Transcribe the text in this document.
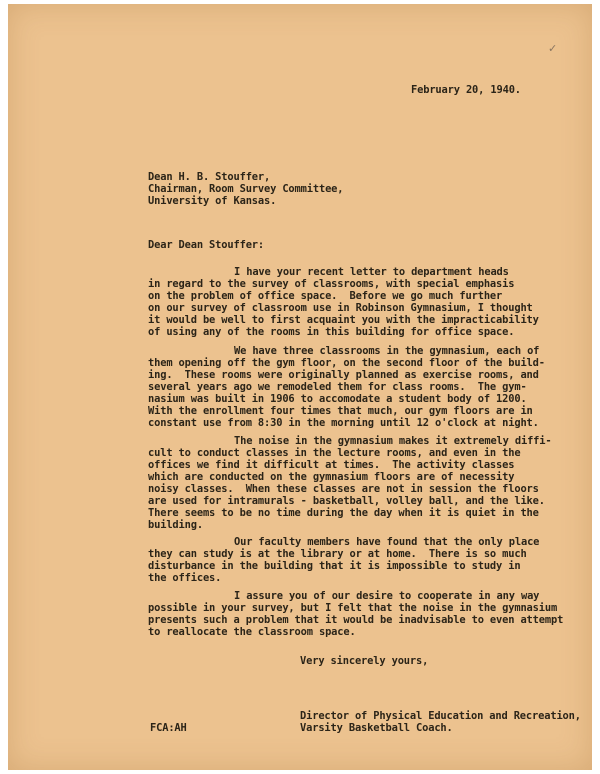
✓
February 20, 1940.
Dean H. B. Stouffer,
Chairman, Room Survey Committee,
University of Kansas.
Dear Dean Stouffer:
I have your recent letter to department heads
in regard to the survey of classrooms, with special emphasis
on the problem of office space.  Before we go much further
on our survey of classroom use in Robinson Gymnasium, I thought
it would be well to first acquaint you with the impracticability
of using any of the rooms in this building for office space.
We have three classrooms in the gymnasium, each of
them opening off the gym floor, on the second floor of the build-
ing.  These rooms were originally planned as exercise rooms, and
several years ago we remodeled them for class rooms.  The gym-
nasium was built in 1906 to accomodate a student body of 1200.
With the enrollment four times that much, our gym floors are in
constant use from 8:30 in the morning until 12 o'clock at night.
The noise in the gymnasium makes it extremely diffi-
cult to conduct classes in the lecture rooms, and even in the
offices we find it difficult at times.  The activity classes
which are conducted on the gymnasium floors are of necessity
noisy classes.  When these classes are not in session the floors
are used for intramurals - basketball, volley ball, and the like.
There seems to be no time during the day when it is quiet in the
building.
Our faculty members have found that the only place
they can study is at the library or at home.  There is so much
disturbance in the building that it is impossible to study in
the offices.
I assure you of our desire to cooperate in any way
possible in your survey, but I felt that the noise in the gymnasium
presents such a problem that it would be inadvisable to even attempt
to reallocate the classroom space.
Very sincerely yours,
Director of Physical Education and Recreation,
Varsity Basketball Coach.
FCA:AH
